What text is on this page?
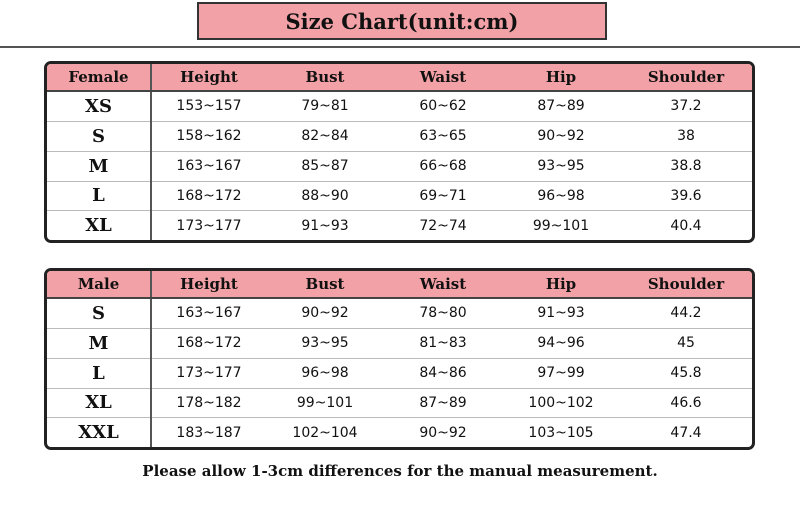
Size Chart(unit:cm)
Female	Height	Bust	Waist	Hip	Shoulder
XS	153~157	79~81	60~62	87~89	37.2
S	158~162	82~84	63~65	90~92	38
M	163~167	85~87	66~68	93~95	38.8
L	168~172	88~90	69~71	96~98	39.6
XL	173~177	91~93	72~74	99~101	40.4
Male	Height	Bust	Waist	Hip	Shoulder
S	163~167	90~92	78~80	91~93	44.2
M	168~172	93~95	81~83	94~96	45
L	173~177	96~98	84~86	97~99	45.8
XL	178~182	99~101	87~89	100~102	46.6
XXL	183~187	102~104	90~92	103~105	47.4
Please allow 1-3cm differences for the manual measurement.
